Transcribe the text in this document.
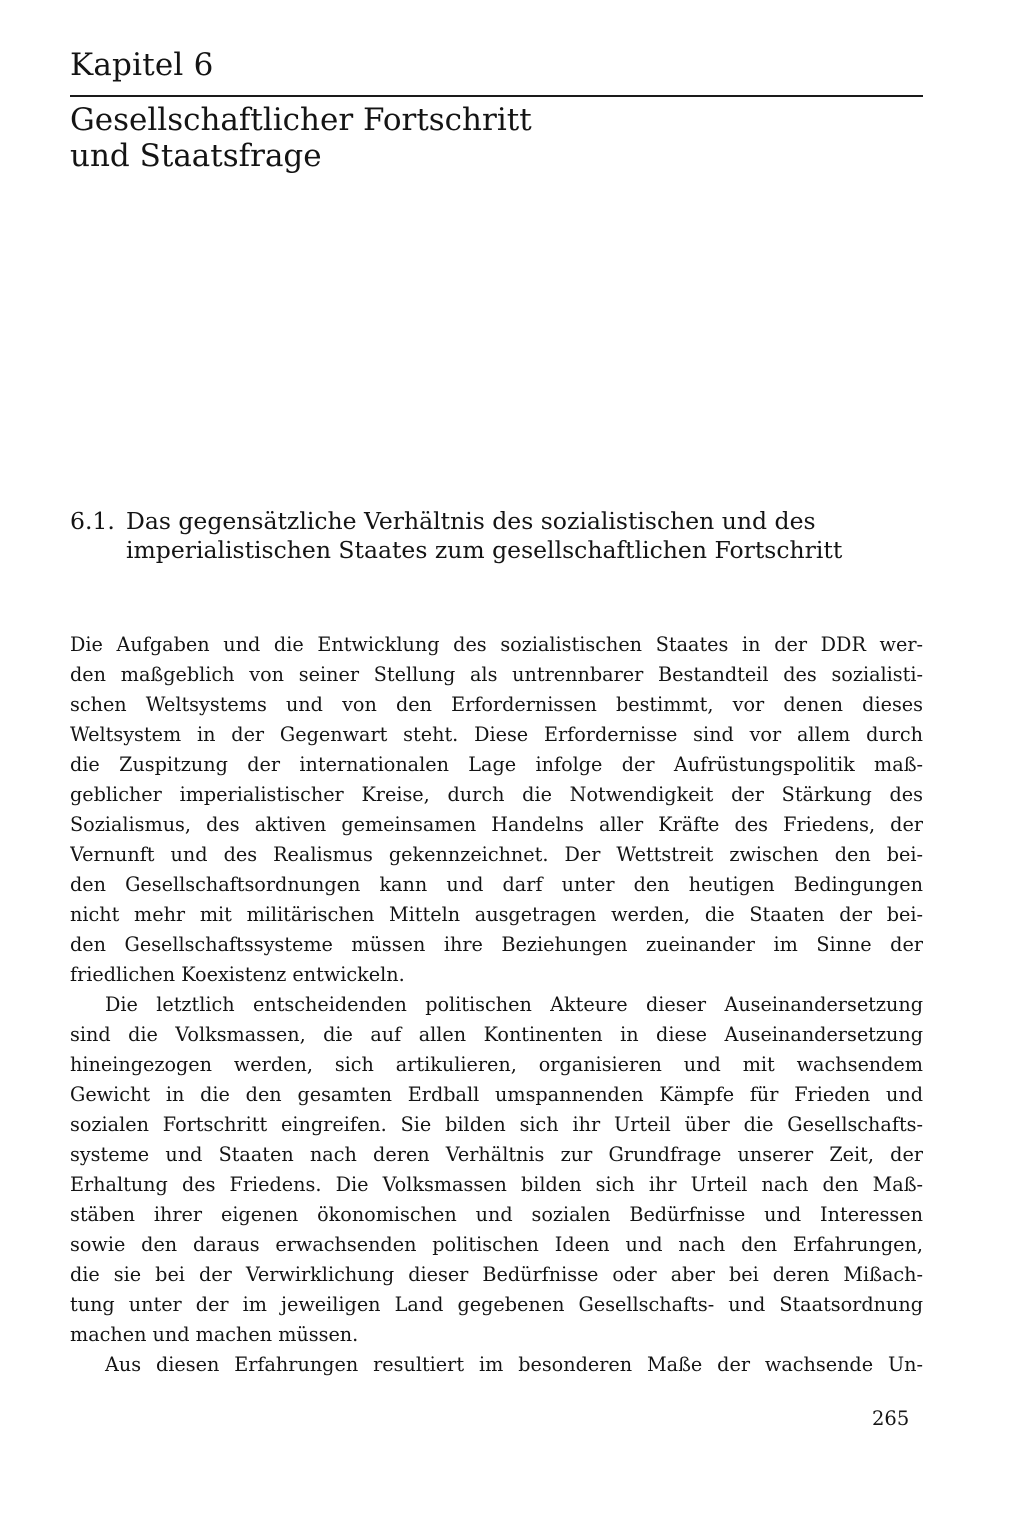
Kapitel 6
Gesellschaftlicher Fortschritt
und Staatsfrage
6.1. Das gegensätzliche Verhältnis des sozialistischen und des
imperialistischen Staates zum gesellschaftlichen Fortschritt
Die Aufgaben und die Entwicklung des sozialistischen Staates in der DDR wer-
den maßgeblich von seiner Stellung als untrennbarer Bestandteil des sozialisti-
schen Weltsystems und von den Erfordernissen bestimmt, vor denen dieses
Weltsystem in der Gegenwart steht. Diese Erfordernisse sind vor allem durch
die Zuspitzung der internationalen Lage infolge der Aufrüstungspolitik maß-
geblicher imperialistischer Kreise, durch die Notwendigkeit der Stärkung des
Sozialismus, des aktiven gemeinsamen Handelns aller Kräfte des Friedens, der
Vernunft und des Realismus gekennzeichnet. Der Wettstreit zwischen den bei-
den Gesellschaftsordnungen kann und darf unter den heutigen Bedingungen
nicht mehr mit militärischen Mitteln ausgetragen werden, die Staaten der bei-
den Gesellschaftssysteme müssen ihre Beziehungen zueinander im Sinne der
friedlichen Koexistenz entwickeln.
Die letztlich entscheidenden politischen Akteure dieser Auseinandersetzung
sind die Volksmassen, die auf allen Kontinenten in diese Auseinandersetzung
hineingezogen werden, sich artikulieren, organisieren und mit wachsendem
Gewicht in die den gesamten Erdball umspannenden Kämpfe für Frieden und
sozialen Fortschritt eingreifen. Sie bilden sich ihr Urteil über die Gesellschafts-
systeme und Staaten nach deren Verhältnis zur Grundfrage unserer Zeit, der
Erhaltung des Friedens. Die Volksmassen bilden sich ihr Urteil nach den Maß-
stäben ihrer eigenen ökonomischen und sozialen Bedürfnisse und Interessen
sowie den daraus erwachsenden politischen Ideen und nach den Erfahrungen,
die sie bei der Verwirklichung dieser Bedürfnisse oder aber bei deren Mißach-
tung unter der im jeweiligen Land gegebenen Gesellschafts- und Staatsordnung
machen und machen müssen.
Aus diesen Erfahrungen resultiert im besonderen Maße der wachsende Un-
265
